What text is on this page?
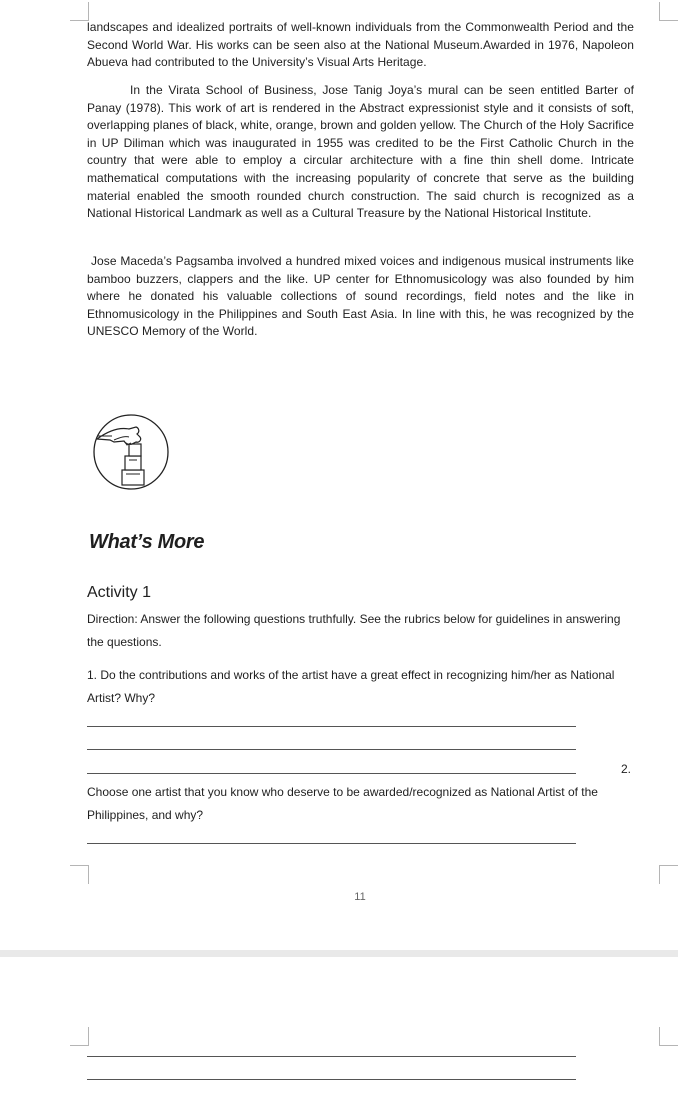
landscapes and idealized portraits of well-known individuals from the Commonwealth Period and the Second World War. His works can be seen also at the National Museum.Awarded in 1976, Napoleon Abueva had contributed to the University’s Visual Arts Heritage.

In the Virata School of Business, Jose Tanig Joya’s mural can be seen entitled Barter of Panay (1978). This work of art is rendered in the Abstract expressionist style and it consists of soft, overlapping planes of black, white, orange, brown and golden yellow. The Church of the Holy Sacrifice in UP Diliman which was inaugurated in 1955 was credited to be the First Catholic Church in the country that were able to employ a circular architecture with a fine thin shell dome. Intricate mathematical computations with the increasing popularity of concrete that serve as the building material enabled the smooth rounded church construction. The said church is recognized as a National Historical Landmark as well as a Cultural Treasure by the National Historical Institute.

Jose Maceda’s Pagsamba involved a hundred mixed voices and indigenous musical instruments like bamboo buzzers, clappers and the like. UP center for Ethnomusicology was also founded by him where he donated his valuable collections of sound recordings, field notes and the like in Ethnomusicology in the Philippines and South East Asia. In line with this, he was recognized by the UNESCO Memory of the World.

What’s More
Activity 1

Direction: Answer the following questions truthfully. See the rubrics below for guidelines in answering the questions.

1. Do the contributions and works of the artist have a great effect in recognizing him/her as National Artist? Why?

2.

Choose one artist that you know who deserve to be awarded/recognized as National Artist of the Philippines, and why?

11
